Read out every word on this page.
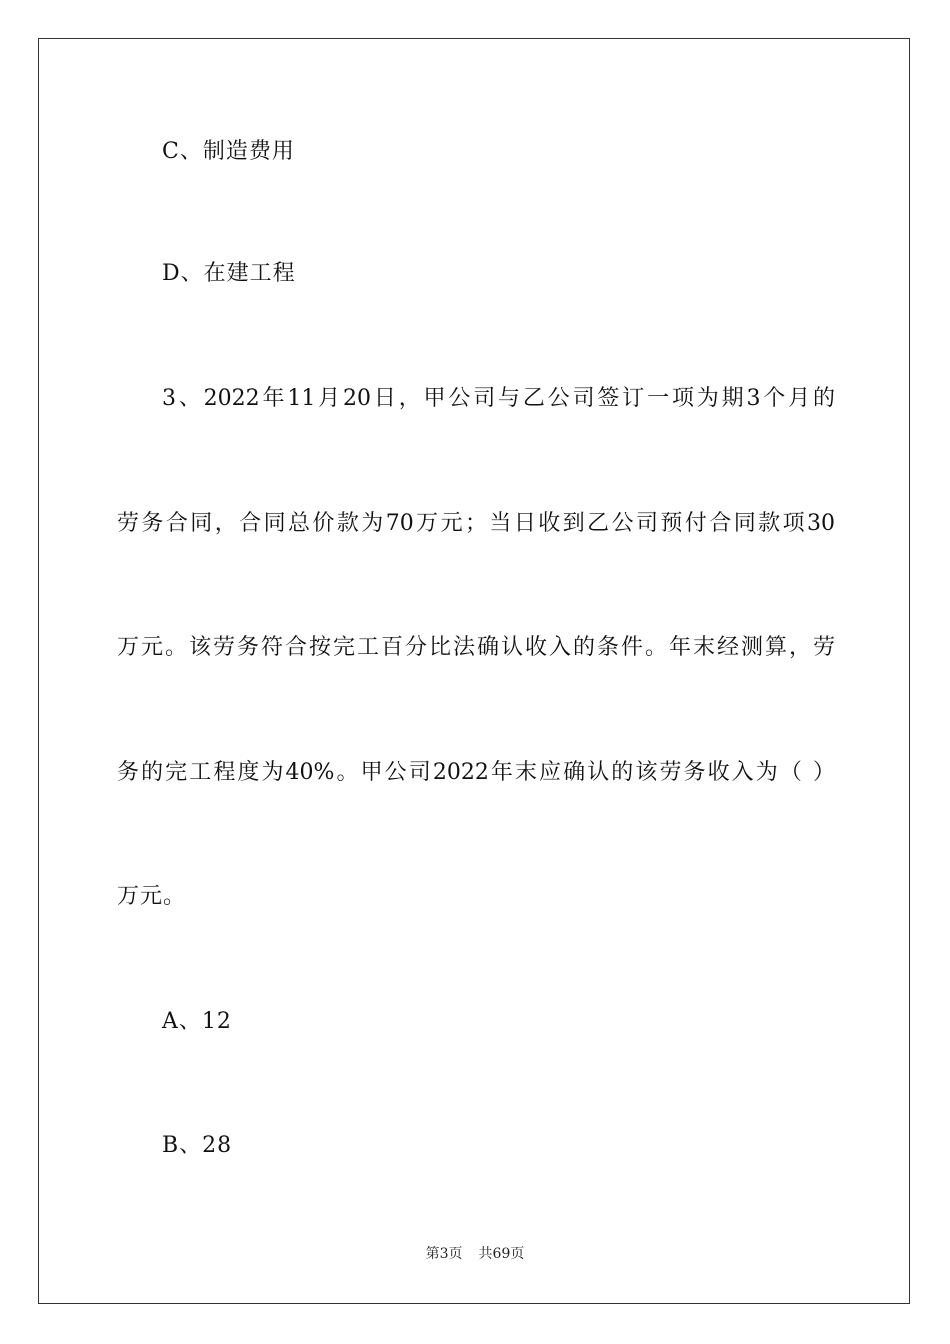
C、制造费用
D、在建工程
3、2022年11月20日，甲公司与乙公司签订一项为期3个月的
劳务合同，合同总价款为70万元；当日收到乙公司预付合同款项30
万元。该劳务符合按完工百分比法确认收入的条件。年末经测算，劳
务的完工程度为40%。甲公司2022年末应确认的该劳务收入为（ ）
万元。
A、12
B、28
第3页 共69页
